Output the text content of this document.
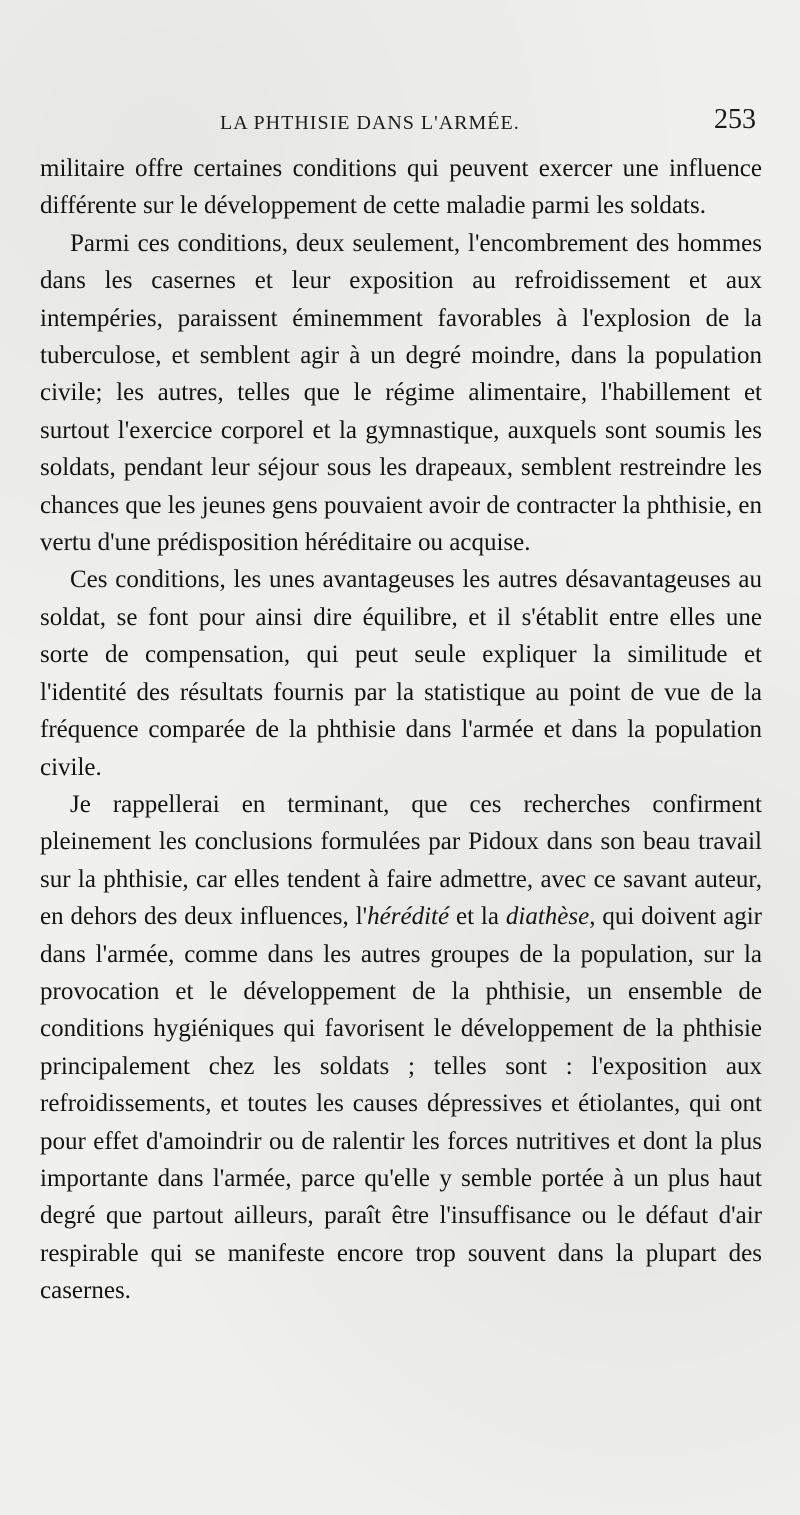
LA PHTHISIE DANS L'ARMÉE.	253

militaire offre certaines conditions qui peuvent exercer une influence différente sur le développement de cette maladie parmi les soldats.

Parmi ces conditions, deux seulement, l'encombrement des hommes dans les casernes et leur exposition au refroidissement et aux intempéries, paraissent éminemment favorables à l'explosion de la tuberculose, et semblent agir à un degré moindre, dans la population civile; les autres, telles que le régime alimentaire, l'habillement et surtout l'exercice corporel et la gymnastique, auxquels sont soumis les soldats, pendant leur séjour sous les drapeaux, semblent restreindre les chances que les jeunes gens pouvaient avoir de contracter la phthisie, en vertu d'une prédisposition héréditaire ou acquise.

Ces conditions, les unes avantageuses les autres désavantageuses au soldat, se font pour ainsi dire équilibre, et il s'établit entre elles une sorte de compensation, qui peut seule expliquer la similitude et l'identité des résultats fournis par la statistique au point de vue de la fréquence comparée de la phthisie dans l'armée et dans la population civile.

Je rappellerai en terminant, que ces recherches confirment pleinement les conclusions formulées par Pidoux dans son beau travail sur la phthisie, car elles tendent à faire admettre, avec ce savant auteur, en dehors des deux influences, l'hérédité et la diathèse, qui doivent agir dans l'armée, comme dans les autres groupes de la population, sur la provocation et le développement de la phthisie, un ensemble de conditions hygiéniques qui favorisent le développement de la phthisie principalement chez les soldats ; telles sont : l'exposition aux refroidissements, et toutes les causes dépressives et étiolantes, qui ont pour effet d'amoindrir ou de ralentir les forces nutritives et dont la plus importante dans l'armée, parce qu'elle y semble portée à un plus haut degré que partout ailleurs, paraît être l'insuffisance ou le défaut d'air respirable qui se manifeste encore trop souvent dans la plupart des casernes.
